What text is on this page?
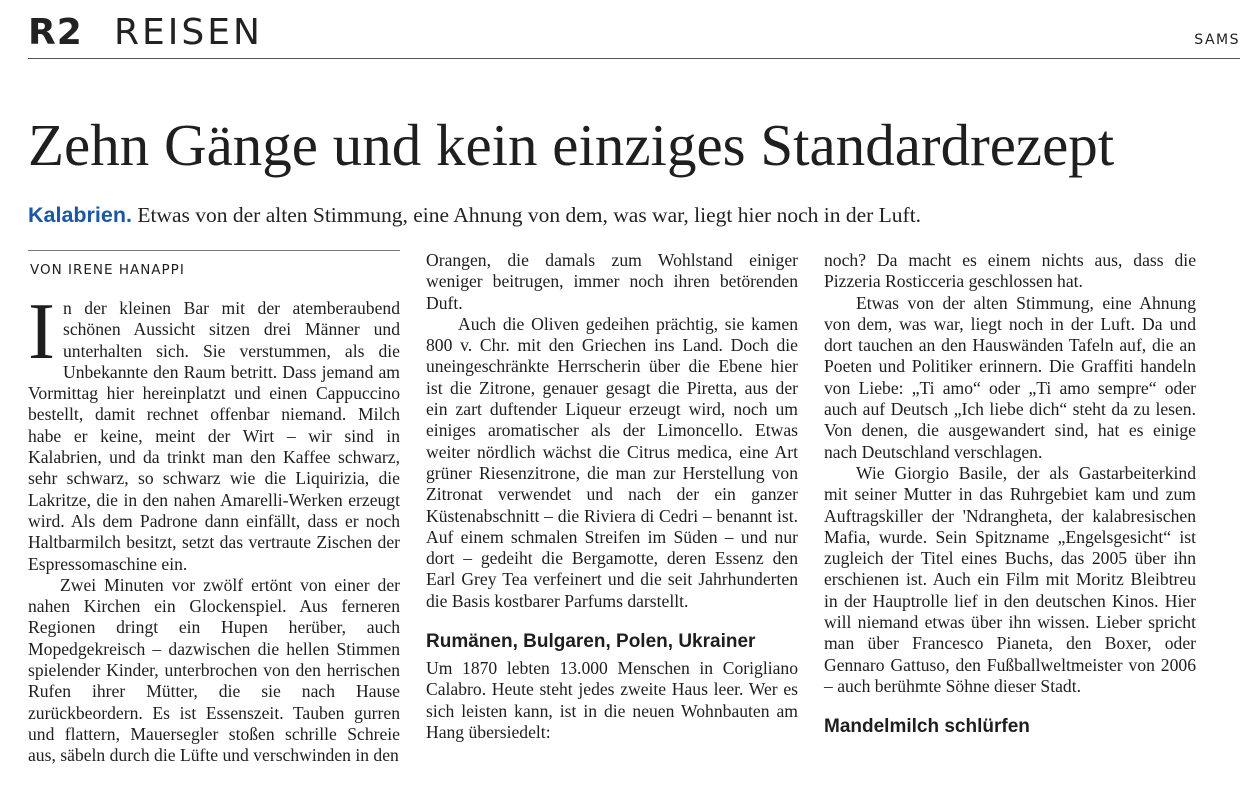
R2 REISEN	SAMS
Zehn Gänge und kein einziges Standardrezept
Kalabrien. Etwas von der alten Stimmung, eine Ahnung von dem, was war, liegt hier noch in der Luft.
VON IRENE HANAPPI

In der kleinen Bar mit der atemberaubend schönen Aussicht sitzen drei Männer und unterhalten sich. Sie verstummen, als die Unbekannte den Raum betritt. Dass jemand am Vormittag hier hereinplatzt und einen Cappuccino bestellt, damit rechnet offenbar niemand. Milch habe er keine, meint der Wirt – wir sind in Kalabrien, und da trinkt man den Kaffee schwarz, sehr schwarz, so schwarz wie die Liquirizia, die Lakritze, die in den nahen Amarelli-Werken erzeugt wird. Als dem Padrone dann einfällt, dass er noch Haltbarmilch besitzt, setzt das vertraute Zischen der Espressomaschine ein.

Zwei Minuten vor zwölf ertönt von einer der nahen Kirchen ein Glockenspiel. Aus ferneren Regionen dringt ein Hupen herüber, auch Mopedgekreisch – dazwischen die hellen Stimmen spielender Kinder, unterbrochen von den herrischen Rufen ihrer Mütter, die sie nach Hause zurückbeordern. Es ist Essenszeit. Tauben gurren und flattern, Mauersegler stoßen schrille Schreie aus, säbeln durch die Lüfte und verschwinden in den

Orangen, die damals zum Wohlstand einiger weniger beitrugen, immer noch ihren betörenden Duft.

Auch die Oliven gedeihen prächtig, sie kamen 800 v. Chr. mit den Griechen ins Land. Doch die uneingeschränkte Herrscherin über die Ebene hier ist die Zitrone, genauer gesagt die Piretta, aus der ein zart duftender Liqueur erzeugt wird, noch um einiges aromatischer als der Limoncello. Etwas weiter nördlich wächst die Citrus medica, eine Art grüner Riesenzitrone, die man zur Herstellung von Zitronat verwendet und nach der ein ganzer Küstenabschnitt – die Riviera di Cedri – benannt ist. Auf einem schmalen Streifen im Süden – und nur dort – gedeiht die Bergamotte, deren Essenz den Earl Grey Tea verfeinert und die seit Jahrhunderten die Basis kostbarer Parfums darstellt.

Rumänen, Bulgaren, Polen, Ukrainer

Um 1870 lebten 13.000 Menschen in Corigliano Calabro. Heute steht jedes zweite Haus leer. Wer es sich leisten kann, ist in die neuen Wohnbauten am Hang übersiedelt:

noch? Da macht es einem nichts aus, dass die Pizzeria Rosticceria geschlossen hat.

Etwas von der alten Stimmung, eine Ahnung von dem, was war, liegt noch in der Luft. Da und dort tauchen an den Hauswänden Tafeln auf, die an Poeten und Politiker erinnern. Die Graffiti handeln von Liebe: „Ti amo“ oder „Ti amo sempre“ oder auch auf Deutsch „Ich liebe dich“ steht da zu lesen. Von denen, die ausgewandert sind, hat es einige nach Deutschland verschlagen.

Wie Giorgio Basile, der als Gastarbeiterkind mit seiner Mutter in das Ruhrgebiet kam und zum Auftragskiller der 'Ndrangheta, der kalabresischen Mafia, wurde. Sein Spitzname „Engelsgesicht“ ist zugleich der Titel eines Buchs, das 2005 über ihn erschienen ist. Auch ein Film mit Moritz Bleibtreu in der Hauptrolle lief in den deutschen Kinos. Hier will niemand etwas über ihn wissen. Lieber spricht man über Francesco Pianeta, den Boxer, oder Gennaro Gattuso, den Fußballweltmeister von 2006 – auch berühmte Söhne dieser Stadt.

Mandelmilch schlürfen
